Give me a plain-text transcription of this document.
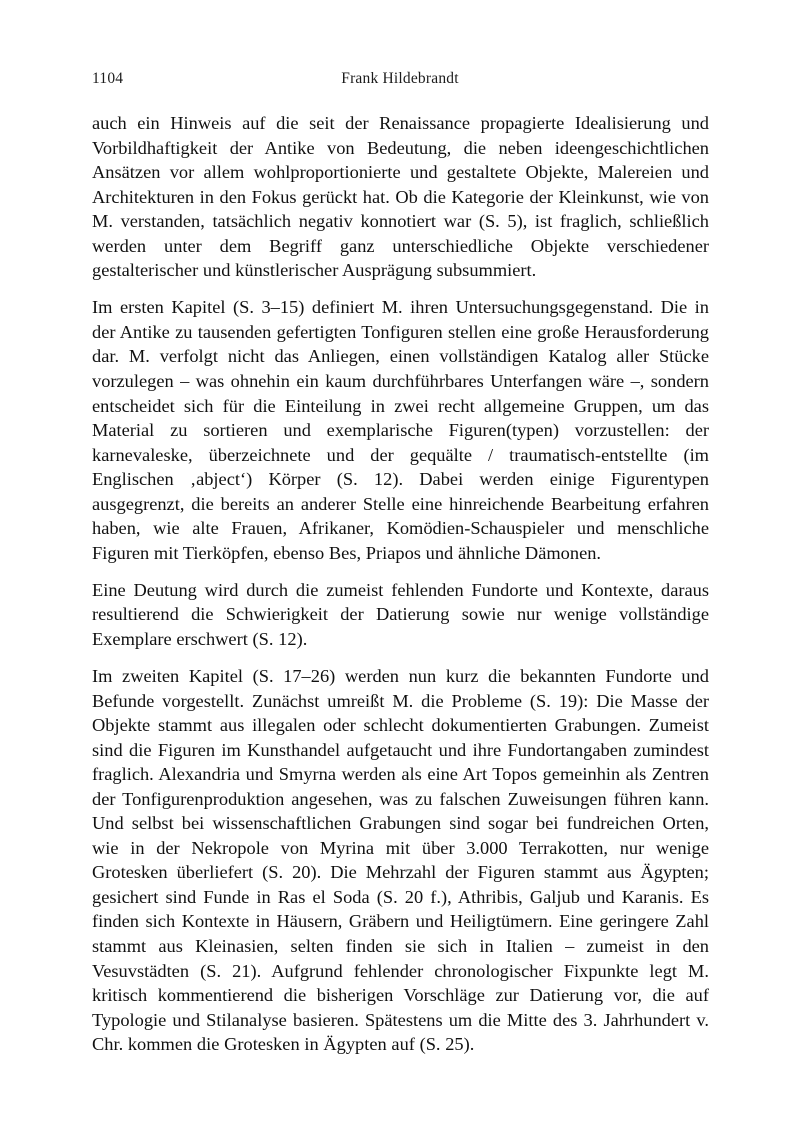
1104	Frank Hildebrandt

auch ein Hinweis auf die seit der Renaissance propagierte Idealisierung und Vorbildhaftigkeit der Antike von Bedeutung, die neben ideengeschichtlichen Ansätzen vor allem wohlproportionierte und gestaltete Objekte, Malereien und Architekturen in den Fokus gerückt hat. Ob die Kategorie der Kleinkunst, wie von M. verstanden, tatsächlich negativ konnotiert war (S. 5), ist fraglich, schließlich werden unter dem Begriff ganz unterschiedliche Objekte verschiedener gestalterischer und künstlerischer Ausprägung subsummiert.

Im ersten Kapitel (S. 3–15) definiert M. ihren Untersuchungsgegenstand. Die in der Antike zu tausenden gefertigten Tonfiguren stellen eine große Herausforderung dar. M. verfolgt nicht das Anliegen, einen vollständigen Katalog aller Stücke vorzulegen – was ohnehin ein kaum durchführbares Unterfangen wäre –, sondern entscheidet sich für die Einteilung in zwei recht allgemeine Gruppen, um das Material zu sortieren und exemplarische Figuren(typen) vorzustellen: der karnevaleske, überzeichnete und der gequälte / traumatisch-entstellte (im Englischen ‚abject‘) Körper (S. 12). Dabei werden einige Figurentypen ausgegrenzt, die bereits an anderer Stelle eine hinreichende Bearbeitung erfahren haben, wie alte Frauen, Afrikaner, Komödien-Schauspieler und menschliche Figuren mit Tierköpfen, ebenso Bes, Priapos und ähnliche Dämonen.

Eine Deutung wird durch die zumeist fehlenden Fundorte und Kontexte, daraus resultierend die Schwierigkeit der Datierung sowie nur wenige vollständige Exemplare erschwert (S. 12).

Im zweiten Kapitel (S. 17–26) werden nun kurz die bekannten Fundorte und Befunde vorgestellt. Zunächst umreißt M. die Probleme (S. 19): Die Masse der Objekte stammt aus illegalen oder schlecht dokumentierten Grabungen. Zumeist sind die Figuren im Kunsthandel aufgetaucht und ihre Fundortangaben zumindest fraglich. Alexandria und Smyrna werden als eine Art Topos gemeinhin als Zentren der Tonfigurenproduktion angesehen, was zu falschen Zuweisungen führen kann. Und selbst bei wissenschaftlichen Grabungen sind sogar bei fundreichen Orten, wie in der Nekropole von Myrina mit über 3.000 Terrakotten, nur wenige Grotesken überliefert (S. 20). Die Mehrzahl der Figuren stammt aus Ägypten; gesichert sind Funde in Ras el Soda (S. 20 f.), Athribis, Galjub und Karanis. Es finden sich Kontexte in Häusern, Gräbern und Heiligtümern. Eine geringere Zahl stammt aus Kleinasien, selten finden sie sich in Italien – zumeist in den Vesuvstädten (S. 21). Aufgrund fehlender chronologischer Fixpunkte legt M. kritisch kommentierend die bisherigen Vorschläge zur Datierung vor, die auf Typologie und Stilanalyse basieren. Spätestens um die Mitte des 3. Jahrhundert v. Chr. kommen die Grotesken in Ägypten auf (S. 25).
